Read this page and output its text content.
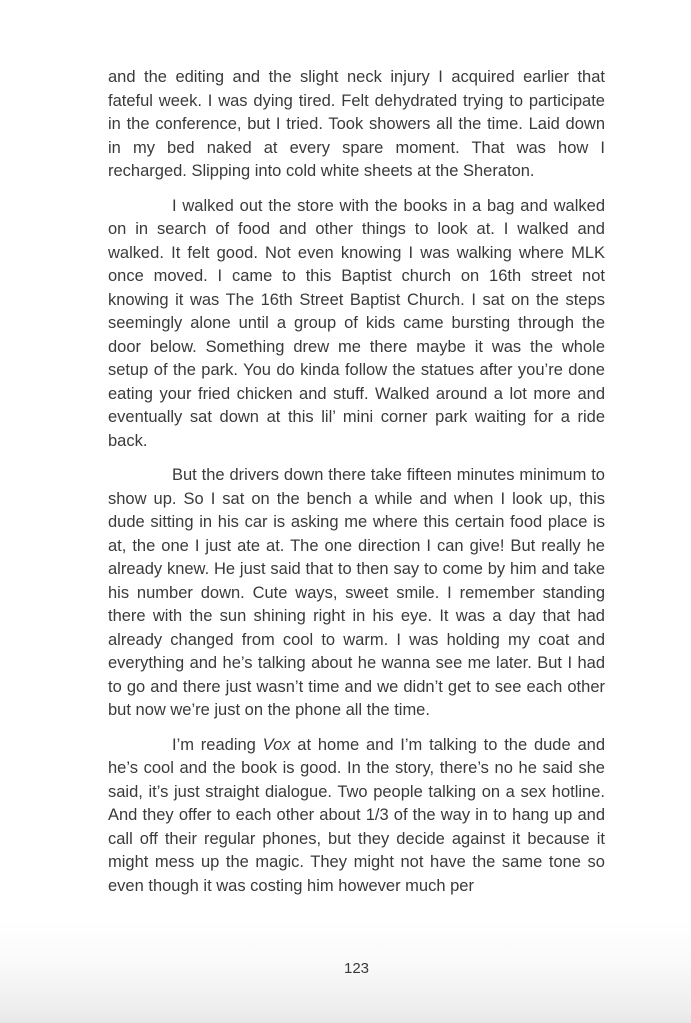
and the editing and the slight neck injury I acquired earlier that fateful week. I was dying tired. Felt dehydrated trying to participate in the conference, but I tried. Took showers all the time. Laid down in my bed naked at every spare moment. That was how I recharged. Slipping into cold white sheets at the Sheraton.

I walked out the store with the books in a bag and walked on in search of food and other things to look at. I walked and walked. It felt good. Not even knowing I was walking where MLK once moved. I came to this Baptist church on 16th street not knowing it was The 16th Street Baptist Church. I sat on the steps seemingly alone until a group of kids came bursting through the door below. Something drew me there maybe it was the whole setup of the park. You do kinda follow the statues after you’re done eating your fried chicken and stuff. Walked around a lot more and eventually sat down at this lil’ mini corner park waiting for a ride back.

But the drivers down there take fifteen minutes minimum to show up. So I sat on the bench a while and when I look up, this dude sitting in his car is asking me where this certain food place is at, the one I just ate at. The one direction I can give! But really he already knew. He just said that to then say to come by him and take his number down. Cute ways, sweet smile. I remember standing there with the sun shining right in his eye. It was a day that had already changed from cool to warm. I was holding my coat and everything and he’s talking about he wanna see me later. But I had to go and there just wasn’t time and we didn’t get to see each other but now we’re just on the phone all the time.

I’m reading Vox at home and I’m talking to the dude and he’s cool and the book is good. In the story, there’s no he said she said, it’s just straight dialogue. Two people talking on a sex hotline. And they offer to each other about 1/3 of the way in to hang up and call off their regular phones, but they decide against it because it might mess up the magic. They might not have the same tone so even though it was costing him however much per

123
